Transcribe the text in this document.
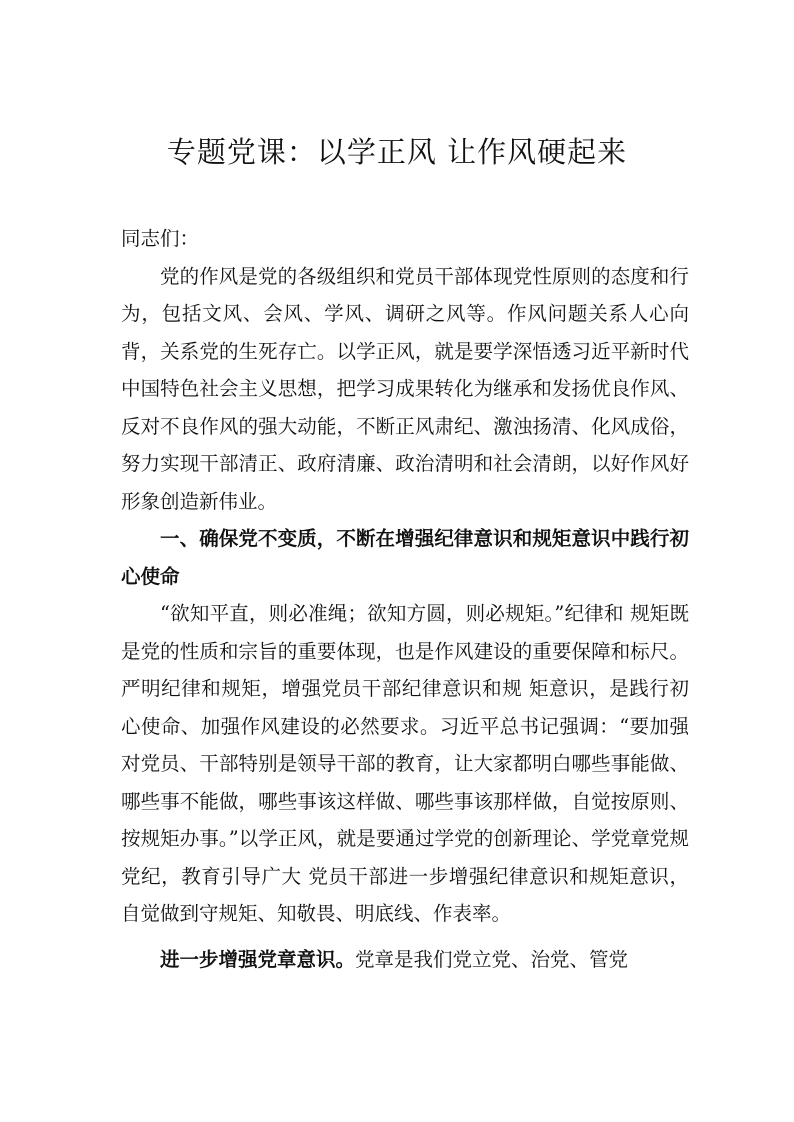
专题党课：以学正风 让作风硬起来

同志们：

党的作风是党的各级组织和党员干部体现党性原则的态度和行为，包括文风、会风、学风、调研之风等。作风问题关系人心向背，关系党的生死存亡。以学正风，就是要学深悟透习近平新时代中国特色社会主义思想，把学习成果转化为继承和发扬优良作风、反对不良作风的强大动能，不断正风肃纪、激浊扬清、化风成俗，努力实现干部清正、政府清廉、政治清明和社会清朗，以好作风好形象创造新伟业。

一、确保党不变质，不断在增强纪律意识和规矩意识中践行初心使命

“欲知平直，则必准绳；欲知方圆，则必规矩。”纪律和 规矩既是党的性质和宗旨的重要体现，也是作风建设的重要保障和标尺。严明纪律和规矩，增强党员干部纪律意识和规 矩意识，是践行初心使命、加强作风建设的必然要求。习近平总书记强调：“要加强对党员、干部特别是领导干部的教育，让大家都明白哪些事能做、哪些事不能做，哪些事该这样做、哪些事该那样做，自觉按原则、按规矩办事。”以学正风，就是要通过学党的创新理论、学党章党规党纪，教育引导广大 党员干部进一步增强纪律意识和规矩意识，自觉做到守规矩、知敬畏、明底线、作表率。

进一步增强党章意识。党章是我们党立党、治党、管党
